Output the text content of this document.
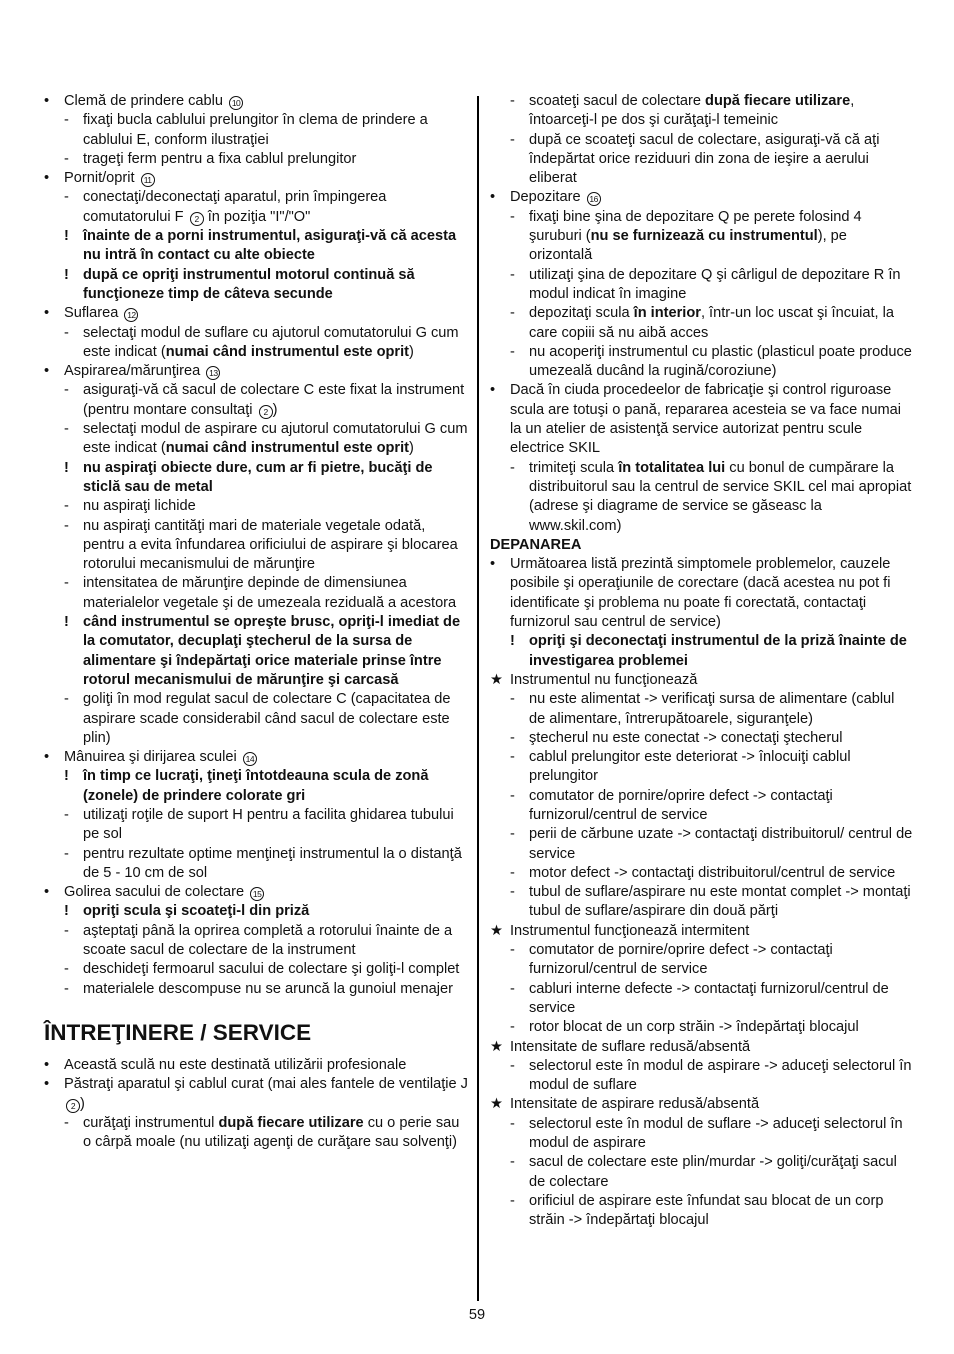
• Clemă de prindere cablu 10
- fixaţi bucla cablului prelungitor în clema de prindere a cablului E, conform ilustraţiei
- trageţi ferm pentru a fixa cablul prelungitor
• Pornit/oprit 11
- conectaţi/deconectaţi aparatul, prin împingerea comutatorului F 2 în poziţia "I"/"O"
! înainte de a porni instrumentul, asiguraţi-vă că acesta nu intră în contact cu alte obiecte
! după ce opriţi instrumentul motorul continuă să funcţioneze timp de câteva secunde
• Suflarea 12
- selectaţi modul de suflare cu ajutorul comutatorului G cum este indicat (numai când instrumentul este oprit)
• Aspirarea/mărunţirea 13
- asiguraţi-vă că sacul de colectare C este fixat la instrument (pentru montare consultaţi 2 )
- selectaţi modul de aspirare cu ajutorul comutatorului G cum este indicat (numai când instrumentul este oprit)
! nu aspiraţi obiecte dure, cum ar fi pietre, bucăţi de sticlă sau de metal
- nu aspiraţi lichide
- nu aspiraţi cantităţi mari de materiale vegetale odată, pentru a evita înfundarea orificiului de aspirare şi blocarea rotorului mecanismului de mărunţire
- intensitatea de mărunţire depinde de dimensiunea materialelor vegetale şi de umezeala reziduală a acestora
! când instrumentul se opreşte brusc, opriţi-l imediat de la comutator, decuplaţi ştecherul de la sursa de alimentare şi îndepărtaţi orice materiale prinse între rotorul mecanismului de mărunţire şi carcasă
- goliţi în mod regulat sacul de colectare C (capacitatea de aspirare scade considerabil când sacul de colectare este plin)
• Mânuirea şi dirijarea sculei 14
! în timp ce lucraţi, ţineţi întotdeauna scula de zonă (zonele) de prindere colorate gri
- utilizaţi roţile de suport H pentru a facilita ghidarea tubului pe sol
- pentru rezultate optime menţineţi instrumentul la o distanţă de 5 - 10 cm de sol
• Golirea sacului de colectare 15
! opriţi scula şi scoateţi-l din priză
- aşteptaţi până la oprirea completă a rotorului înainte de a scoate sacul de colectare de la instrument
- deschideţi fermoarul sacului de colectare şi goliţi-l complet
- materialele descompuse nu se aruncă la gunoiul menajer
ÎNTREŢINERE / SERVICE
• Această sculă nu este destinată utilizării profesionale
• Păstraţi aparatul şi cablul curat (mai ales fantele de ventilaţie J 2 )
- curăţaţi instrumentul după fiecare utilizare cu o perie sau o cârpă moale (nu utilizaţi agenţi de curăţare sau solvenţi)
- scoateţi sacul de colectare după fiecare utilizare, întoarceţi-l pe dos şi curăţaţi-l temeinic
- după ce scoateţi sacul de colectare, asiguraţi-vă că aţi îndepărtat orice reziduuri din zona de ieşire a aerului eliberat
• Depozitare 16
- fixaţi bine şina de depozitare Q pe perete folosind 4 şuruburi (nu se furnizează cu instrumentul), pe orizontală
- utilizaţi şina de depozitare Q şi cârligul de depozitare R în modul indicat în imagine
- depozitaţi scula în interior, într-un loc uscat şi încuiat, la care copiii să nu aibă acces
- nu acoperiţi instrumentul cu plastic (plasticul poate produce umezeală ducând la rugină/coroziune)
• Dacă în ciuda procedeelor de fabricaţie şi control riguroase scula are totuşi o pană, repararea acesteia se va face numai la un atelier de asistenţă service autorizat pentru scule electrice SKIL
- trimiteţi scula în totalitatea lui cu bonul de cumpărare la distribuitorul sau la centrul de service SKIL cel mai apropiat (adrese şi diagrame de service se găseasc la www.skil.com)
DEPANAREA
• Următoarea listă prezintă simptomele problemelor, cauzele posibile şi operaţiunile de corectare (dacă acestea nu pot fi identificate şi problema nu poate fi corectată, contactaţi furnizorul sau centrul de service)
! opriţi şi deconectaţi instrumentul de la priză înainte de investigarea problemei
★ Instrumentul nu funcţionează
- nu este alimentat -> verificaţi sursa de alimentare (cablul de alimentare, întrerupătoarele, siguranţele)
- ştecherul nu este conectat -> conectaţi ştecherul
- cablul prelungitor este deteriorat -> înlocuiţi cablul prelungitor
- comutator de pornire/oprire defect -> contactaţi furnizorul/centrul de service
- perii de cărbune uzate -> contactaţi distribuitorul/ centrul de service
- motor defect -> contactaţi distribuitorul/centrul de service
- tubul de suflare/aspirare nu este montat complet -> montaţi tubul de suflare/aspirare din două părţi
★ Instrumentul funcţionează intermitent
- comutator de pornire/oprire defect -> contactaţi furnizorul/centrul de service
- cabluri interne defecte -> contactaţi furnizorul/centrul de service
- rotor blocat de un corp străin -> îndepărtaţi blocajul
★ Intensitate de suflare redusă/absentă
- selectorul este în modul de aspirare -> aduceţi selectorul în modul de suflare
★ Intensitate de aspirare redusă/absentă
- selectorul este în modul de suflare -> aduceţi selectorul în modul de aspirare
- sacul de colectare este plin/murdar -> goliţi/curăţaţi sacul de colectare
- orificiul de aspirare este înfundat sau blocat de un corp străin -> îndepărtaţi blocajul
59
